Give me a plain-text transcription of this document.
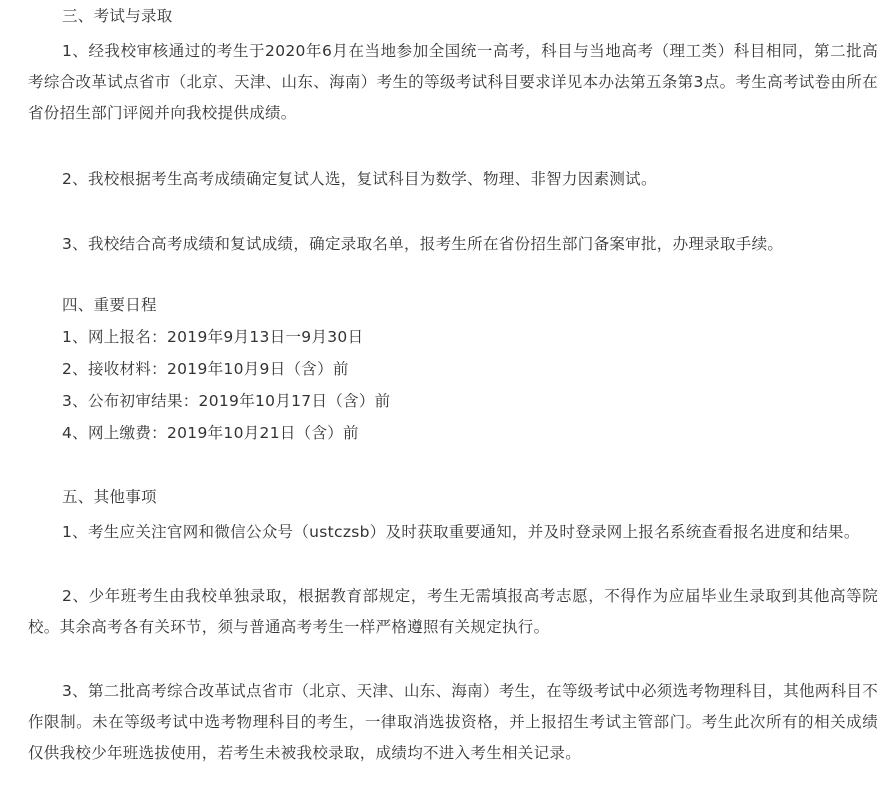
三、考试与录取

1、经我校审核通过的考生于2020年6月在当地参加全国统一高考，科目与当地高考（理工类）科目相同，第二批高考综合改革试点省市（北京、天津、山东、海南）考生的等级考试科目要求详见本办法第五条第3点。考生高考试卷由所在省份招生部门评阅并向我校提供成绩。

2、我校根据考生高考成绩确定复试人选，复试科目为数学、物理、非智力因素测试。

3、我校结合高考成绩和复试成绩，确定录取名单，报考生所在省份招生部门备案审批，办理录取手续。

四、重要日程

1、网上报名：2019年9月13日一9月30日

2、接收材料：2019年10月9日（含）前

3、公布初审结果：2019年10月17日（含）前

4、网上缴费：2019年10月21日（含）前

五、其他事项

1、考生应关注官网和微信公众号（ustczsb）及时获取重要通知，并及时登录网上报名系统查看报名进度和结果。

2、少年班考生由我校单独录取，根据教育部规定，考生无需填报高考志愿，不得作为应届毕业生录取到其他高等院校。其余高考各有关环节，须与普通高考考生一样严格遵照有关规定执行。

3、第二批高考综合改革试点省市（北京、天津、山东、海南）考生，在等级考试中必须选考物理科目，其他两科目不作限制。未在等级考试中选考物理科目的考生，一律取消选拔资格，并上报招生考试主管部门。考生此次所有的相关成绩仅供我校少年班选拔使用，若考生未被我校录取，成绩均不进入考生相关记录。
